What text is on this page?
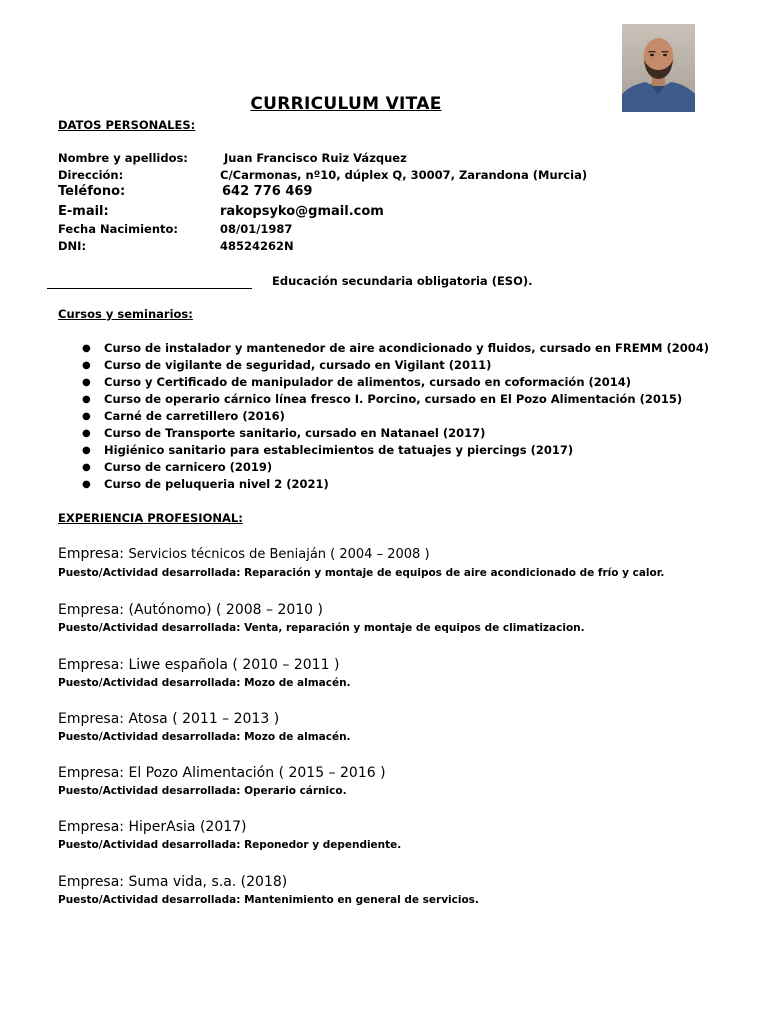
CURRICULUM VITAE
DATOS PERSONALES:
Nombre y apellidos:	Juan Francisco Ruiz Vázquez
Dirección:	C/Carmonas, nº10, dúplex Q, 30007, Zarandona (Murcia)
Teléfono:	642 776 469
E-mail:	rakopsyko@gmail.com
Fecha Nacimiento:	08/01/1987
DNI:	48524262N
Educación secundaria obligatoria (ESO).
Cursos y seminarios:
● Curso de instalador y mantenedor de aire acondicionado y fluidos, cursado en FREMM (2004)
● Curso de vigilante de seguridad, cursado en Vigilant (2011)
● Curso y Certificado de manipulador de alimentos, cursado en coformación (2014)
● Curso de operario cárnico línea fresco I. Porcino, cursado en El Pozo Alimentación (2015)
● Carné de carretillero (2016)
● Curso de Transporte sanitario, cursado en Natanael (2017)
● Higiénico sanitario para establecimientos de tatuajes y piercings (2017)
● Curso de carnicero (2019)
● Curso de peluqueria nivel 2 (2021)
EXPERIENCIA PROFESIONAL:
Empresa: Servicios técnicos de Beniaján ( 2004 – 2008 )
Puesto/Actividad desarrollada: Reparación y montaje de equipos de aire acondicionado de frío y calor.
Empresa: (Autónomo) ( 2008 – 2010 )
Puesto/Actividad desarrollada: Venta, reparación y montaje de equipos de climatizacion.
Empresa: Liwe española ( 2010 – 2011 )
Puesto/Actividad desarrollada: Mozo de almacén.
Empresa: Atosa ( 2011 – 2013 )
Puesto/Actividad desarrollada: Mozo de almacén.
Empresa: El Pozo Alimentación ( 2015 – 2016 )
Puesto/Actividad desarrollada: Operario cárnico.
Empresa: HiperAsia (2017)
Puesto/Actividad desarrollada: Reponedor y dependiente.
Empresa: Suma vida, s.a. (2018)
Puesto/Actividad desarrollada: Mantenimiento en general de servicios.
